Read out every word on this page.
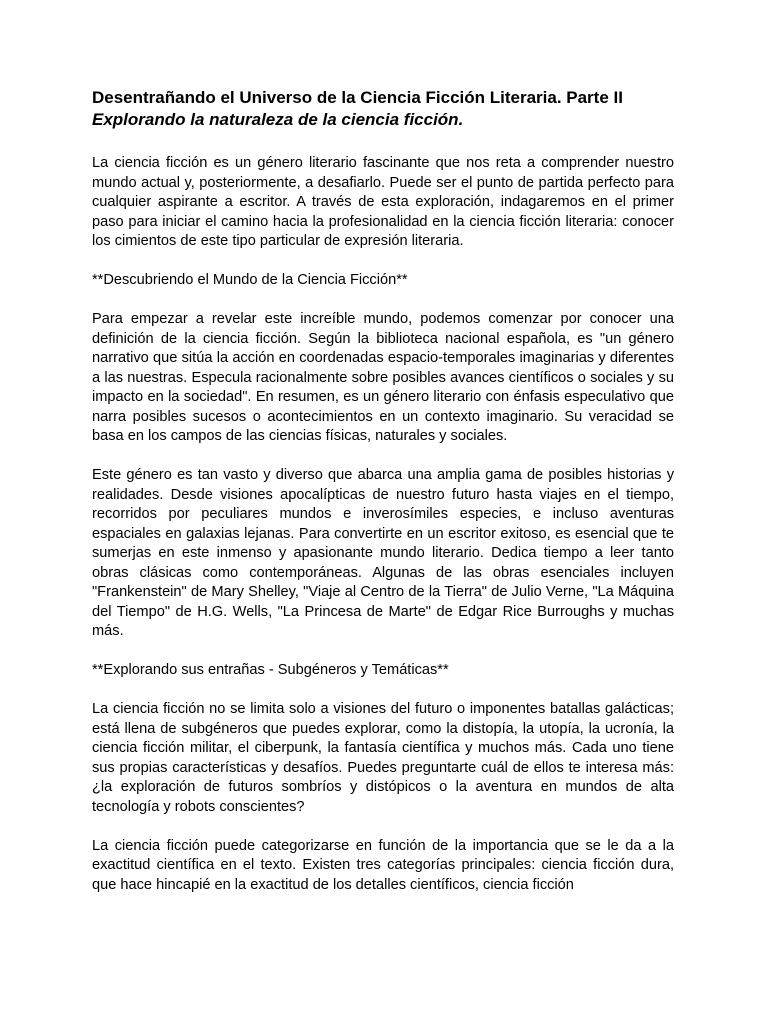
Desentrañando el Universo de la Ciencia Ficción Literaria. Parte II
Explorando la naturaleza de la ciencia ficción.

La ciencia ficción es un género literario fascinante que nos reta a comprender nuestro mundo actual y, posteriormente, a desafiarlo. Puede ser el punto de partida perfecto para cualquier aspirante a escritor. A través de esta exploración, indagaremos en el primer paso para iniciar el camino hacia la profesionalidad en la ciencia ficción literaria: conocer los cimientos de este tipo particular de expresión literaria.

**Descubriendo el Mundo de la Ciencia Ficción**

Para empezar a revelar este increíble mundo, podemos comenzar por conocer una definición de la ciencia ficción. Según la biblioteca nacional española, es "un género narrativo que sitúa la acción en coordenadas espacio-temporales imaginarias y diferentes a las nuestras. Especula racionalmente sobre posibles avances científicos o sociales y su impacto en la sociedad". En resumen, es un género literario con énfasis especulativo que narra posibles sucesos o acontecimientos en un contexto imaginario. Su veracidad se basa en los campos de las ciencias físicas, naturales y sociales.

Este género es tan vasto y diverso que abarca una amplia gama de posibles historias y realidades. Desde visiones apocalípticas de nuestro futuro hasta viajes en el tiempo, recorridos por peculiares mundos e inverosímiles especies, e incluso aventuras espaciales en galaxias lejanas. Para convertirte en un escritor exitoso, es esencial que te sumerjas en este inmenso y apasionante mundo literario. Dedica tiempo a leer tanto obras clásicas como contemporáneas. Algunas de las obras esenciales incluyen "Frankenstein" de Mary Shelley, "Viaje al Centro de la Tierra" de Julio Verne, "La Máquina del Tiempo" de H.G. Wells, "La Princesa de Marte" de Edgar Rice Burroughs y muchas más.

**Explorando sus entrañas - Subgéneros y Temáticas**

La ciencia ficción no se limita solo a visiones del futuro o imponentes batallas galácticas; está llena de subgéneros que puedes explorar, como la distopía, la utopía, la ucronía, la ciencia ficción militar, el ciberpunk, la fantasía científica y muchos más. Cada uno tiene sus propias características y desafíos. Puedes preguntarte cuál de ellos te interesa más: ¿la exploración de futuros sombríos y distópicos o la aventura en mundos de alta tecnología y robots conscientes?

La ciencia ficción puede categorizarse en función de la importancia que se le da a la exactitud científica en el texto. Existen tres categorías principales: ciencia ficción dura, que hace hincapié en la exactitud de los detalles científicos, ciencia ficción
